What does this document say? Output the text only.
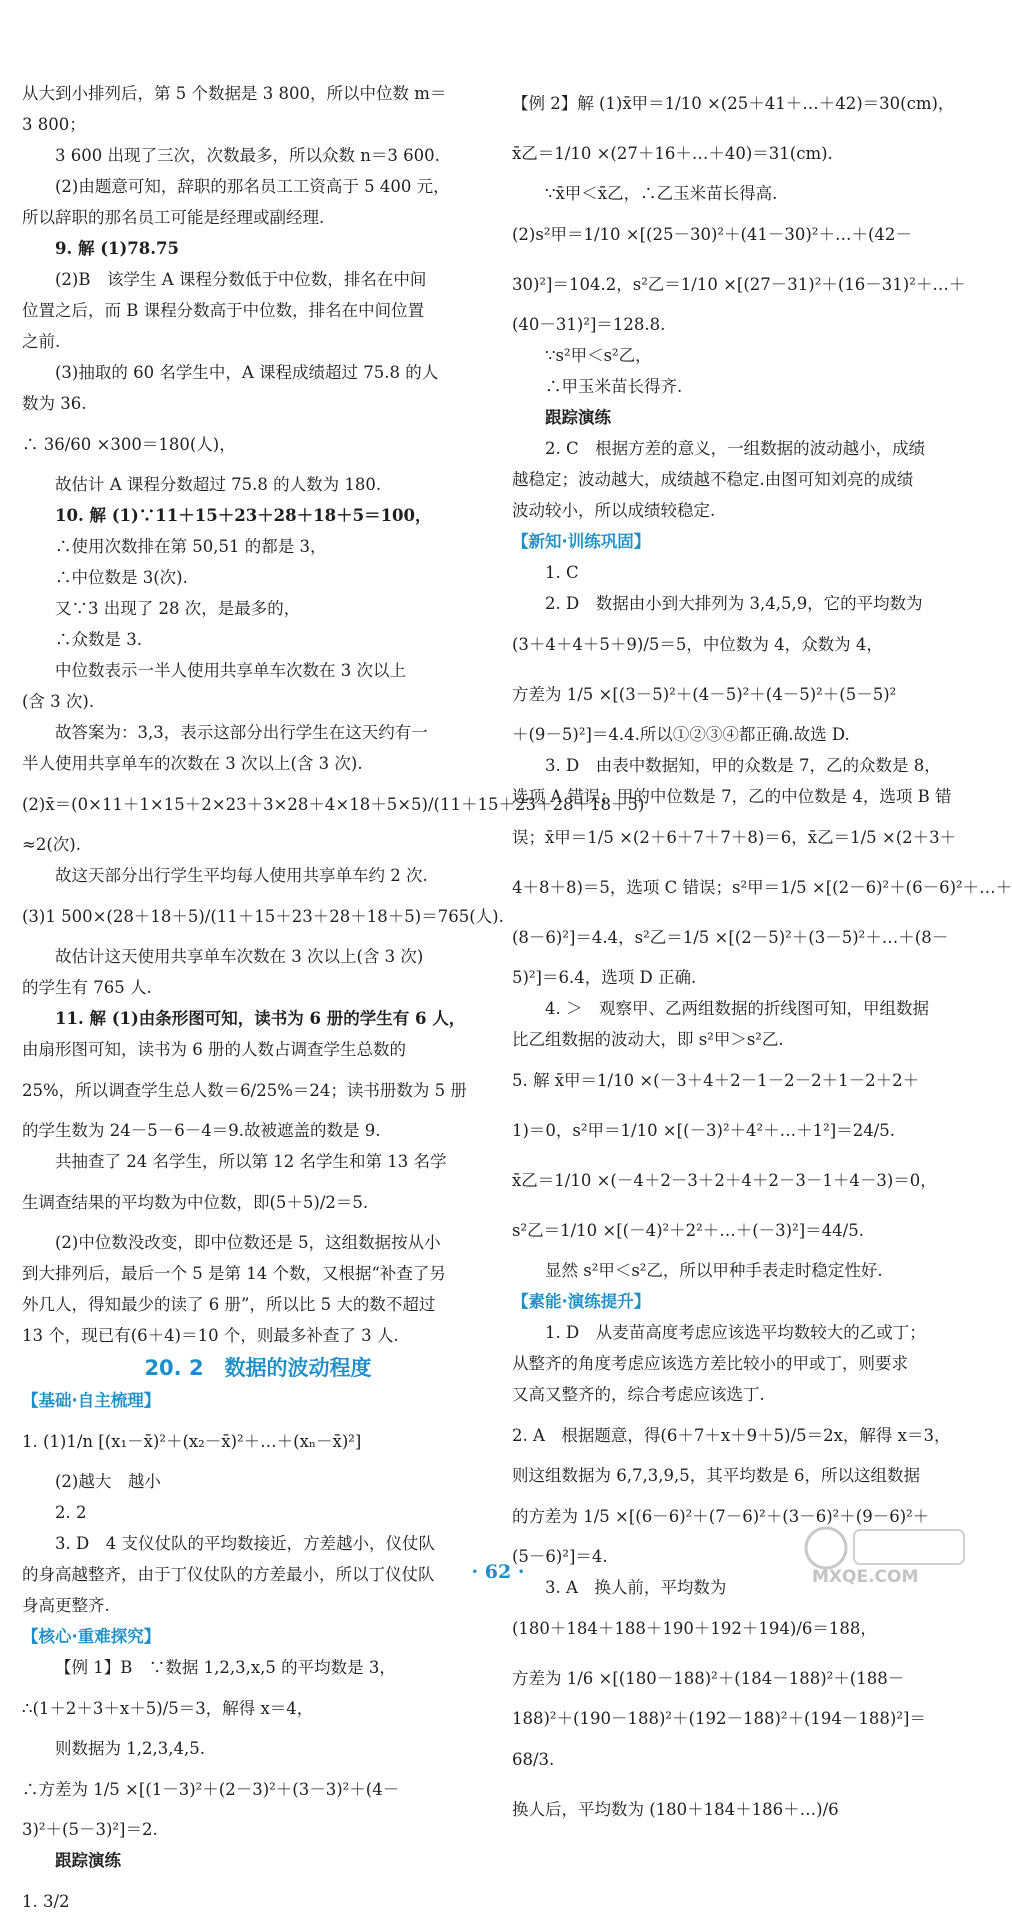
从大到小排列后，第 5 个数据是 3 800，所以中位数 m＝
3 800；
3 600 出现了三次，次数最多，所以众数 n＝3 600.
(2)由题意可知，辞职的那名员工工资高于 5 400 元，
所以辞职的那名员工可能是经理或副经理.
9. 解 (1)78.75
(2)B　该学生 A 课程分数低于中位数，排名在中间
位置之后，而 B 课程分数高于中位数，排名在中间位置
之前.
(3)抽取的 60 名学生中，A 课程成绩超过 75.8 的人
数为 36.
∴ 36/60 ×300＝180(人)，
故估计 A 课程分数超过 75.8 的人数为 180.
10. 解 (1)∵11＋15＋23＋28＋18＋5＝100，
∴使用次数排在第 50,51 的都是 3，
∴中位数是 3(次).
又∵3 出现了 28 次，是最多的，
∴众数是 3.
中位数表示一半人使用共享单车次数在 3 次以上
(含 3 次).
故答案为：3,3，表示这部分出行学生在这天约有一
半人使用共享单车的次数在 3 次以上(含 3 次).
(2)x̄＝(0×11＋1×15＋2×23＋3×28＋4×18＋5×5)/(11＋15＋23＋28＋18＋5)
≈2(次).
故这天部分出行学生平均每人使用共享单车约 2 次.
(3)1 500×(28＋18＋5)/(11＋15＋23＋28＋18＋5)＝765(人).
故估计这天使用共享单车次数在 3 次以上(含 3 次)
的学生有 765 人.
11. 解 (1)由条形图可知，读书为 6 册的学生有 6 人，
由扇形图可知，读书为 6 册的人数占调查学生总数的
25%，所以调查学生总人数＝6/25%＝24；读书册数为 5 册
的学生数为 24－5－6－4＝9.故被遮盖的数是 9.
共抽查了 24 名学生，所以第 12 名学生和第 13 名学
生调查结果的平均数为中位数，即(5＋5)/2＝5.
(2)中位数没改变，即中位数还是 5，这组数据按从小
到大排列后，最后一个 5 是第 14 个数，又根据“补查了另
外几人，得知最少的读了 6 册”，所以比 5 大的数不超过
13 个，现已有(6＋4)＝10 个，则最多补查了 3 人.
20. 2　数据的波动程度
【基础·自主梳理】
1. (1)1/n [(x₁－x̄)²＋(x₂－x̄)²＋…＋(xₙ－x̄)²]
(2)越大　越小
2. 2
3. D　4 支仪仗队的平均数接近，方差越小，仪仗队
的身高越整齐，由于丁仪仗队的方差最小，所以丁仪仗队
身高更整齐.
【核心·重难探究】
【例 1】B　∵数据 1,2,3,x,5 的平均数是 3，
∴(1＋2＋3＋x＋5)/5＝3，解得 x＝4，
则数据为 1,2,3,4,5.
∴方差为 1/5 ×[(1－3)²＋(2－3)²＋(3－3)²＋(4－
3)²＋(5－3)²]＝2.
跟踪演练
1. 3/2
【例 2】解 (1)x̄甲＝1/10 ×(25＋41＋…＋42)＝30(cm)，
x̄乙＝1/10 ×(27＋16＋…＋40)＝31(cm).
∵x̄甲＜x̄乙，∴乙玉米苗长得高.
(2)s²甲＝1/10 ×[(25－30)²＋(41－30)²＋…＋(42－
30)²]＝104.2，s²乙＝1/10 ×[(27－31)²＋(16－31)²＋…＋
(40－31)²]＝128.8.
∵s²甲＜s²乙，
∴甲玉米苗长得齐.
跟踪演练
2. C　根据方差的意义，一组数据的波动越小，成绩
越稳定；波动越大，成绩越不稳定.由图可知刘亮的成绩
波动较小，所以成绩较稳定.
【新知·训练巩固】
1. C
2. D　数据由小到大排列为 3,4,5,9，它的平均数为
(3＋4＋4＋5＋9)/5＝5，中位数为 4，众数为 4，
方差为 1/5 ×[(3－5)²＋(4－5)²＋(4－5)²＋(5－5)²
＋(9－5)²]＝4.4.所以①②③④都正确.故选 D.
3. D　由表中数据知，甲的众数是 7，乙的众数是 8，
选项 A 错误；甲的中位数是 7，乙的中位数是 4，选项 B 错
误；x̄甲＝1/5 ×(2＋6＋7＋7＋8)＝6，x̄乙＝1/5 ×(2＋3＋
4＋8＋8)＝5，选项 C 错误；s²甲＝1/5 ×[(2－6)²＋(6－6)²＋…＋
(8－6)²]＝4.4，s²乙＝1/5 ×[(2－5)²＋(3－5)²＋…＋(8－
5)²]＝6.4，选项 D 正确.
4. ＞　观察甲、乙两组数据的折线图可知，甲组数据
比乙组数据的波动大，即 s²甲＞s²乙.
5. 解 x̄甲＝1/10 ×(－3＋4＋2－1－2－2＋1－2＋2＋
1)＝0，s²甲＝1/10 ×[(－3)²＋4²＋…＋1²]＝24/5.
x̄乙＝1/10 ×(－4＋2－3＋2＋4＋2－3－1＋4－3)＝0，
s²乙＝1/10 ×[(－4)²＋2²＋…＋(－3)²]＝44/5.
显然 s²甲＜s²乙，所以甲种手表走时稳定性好.
【素能·演练提升】
1. D　从麦苗高度考虑应该选平均数较大的乙或丁；
从整齐的角度考虑应该选方差比较小的甲或丁，则要求
又高又整齐的，综合考虑应该选丁.
2. A　根据题意，得(6＋7＋x＋9＋5)/5＝2x，解得 x＝3，
则这组数据为 6,7,3,9,5，其平均数是 6，所以这组数据
的方差为 1/5 ×[(6－6)²＋(7－6)²＋(3－6)²＋(9－6)²＋
(5－6)²]＝4.
3. A　换人前，平均数为
(180＋184＋188＋190＋192＋194)/6＝188，
方差为 1/6 ×[(180－188)²＋(184－188)²＋(188－
188)²＋(190－188)²＋(192－188)²＋(194－188)²]＝
68/3.
换人后，平均数为 (180＋184＋186＋…)/6
· 62 ·	MXQE.COM
